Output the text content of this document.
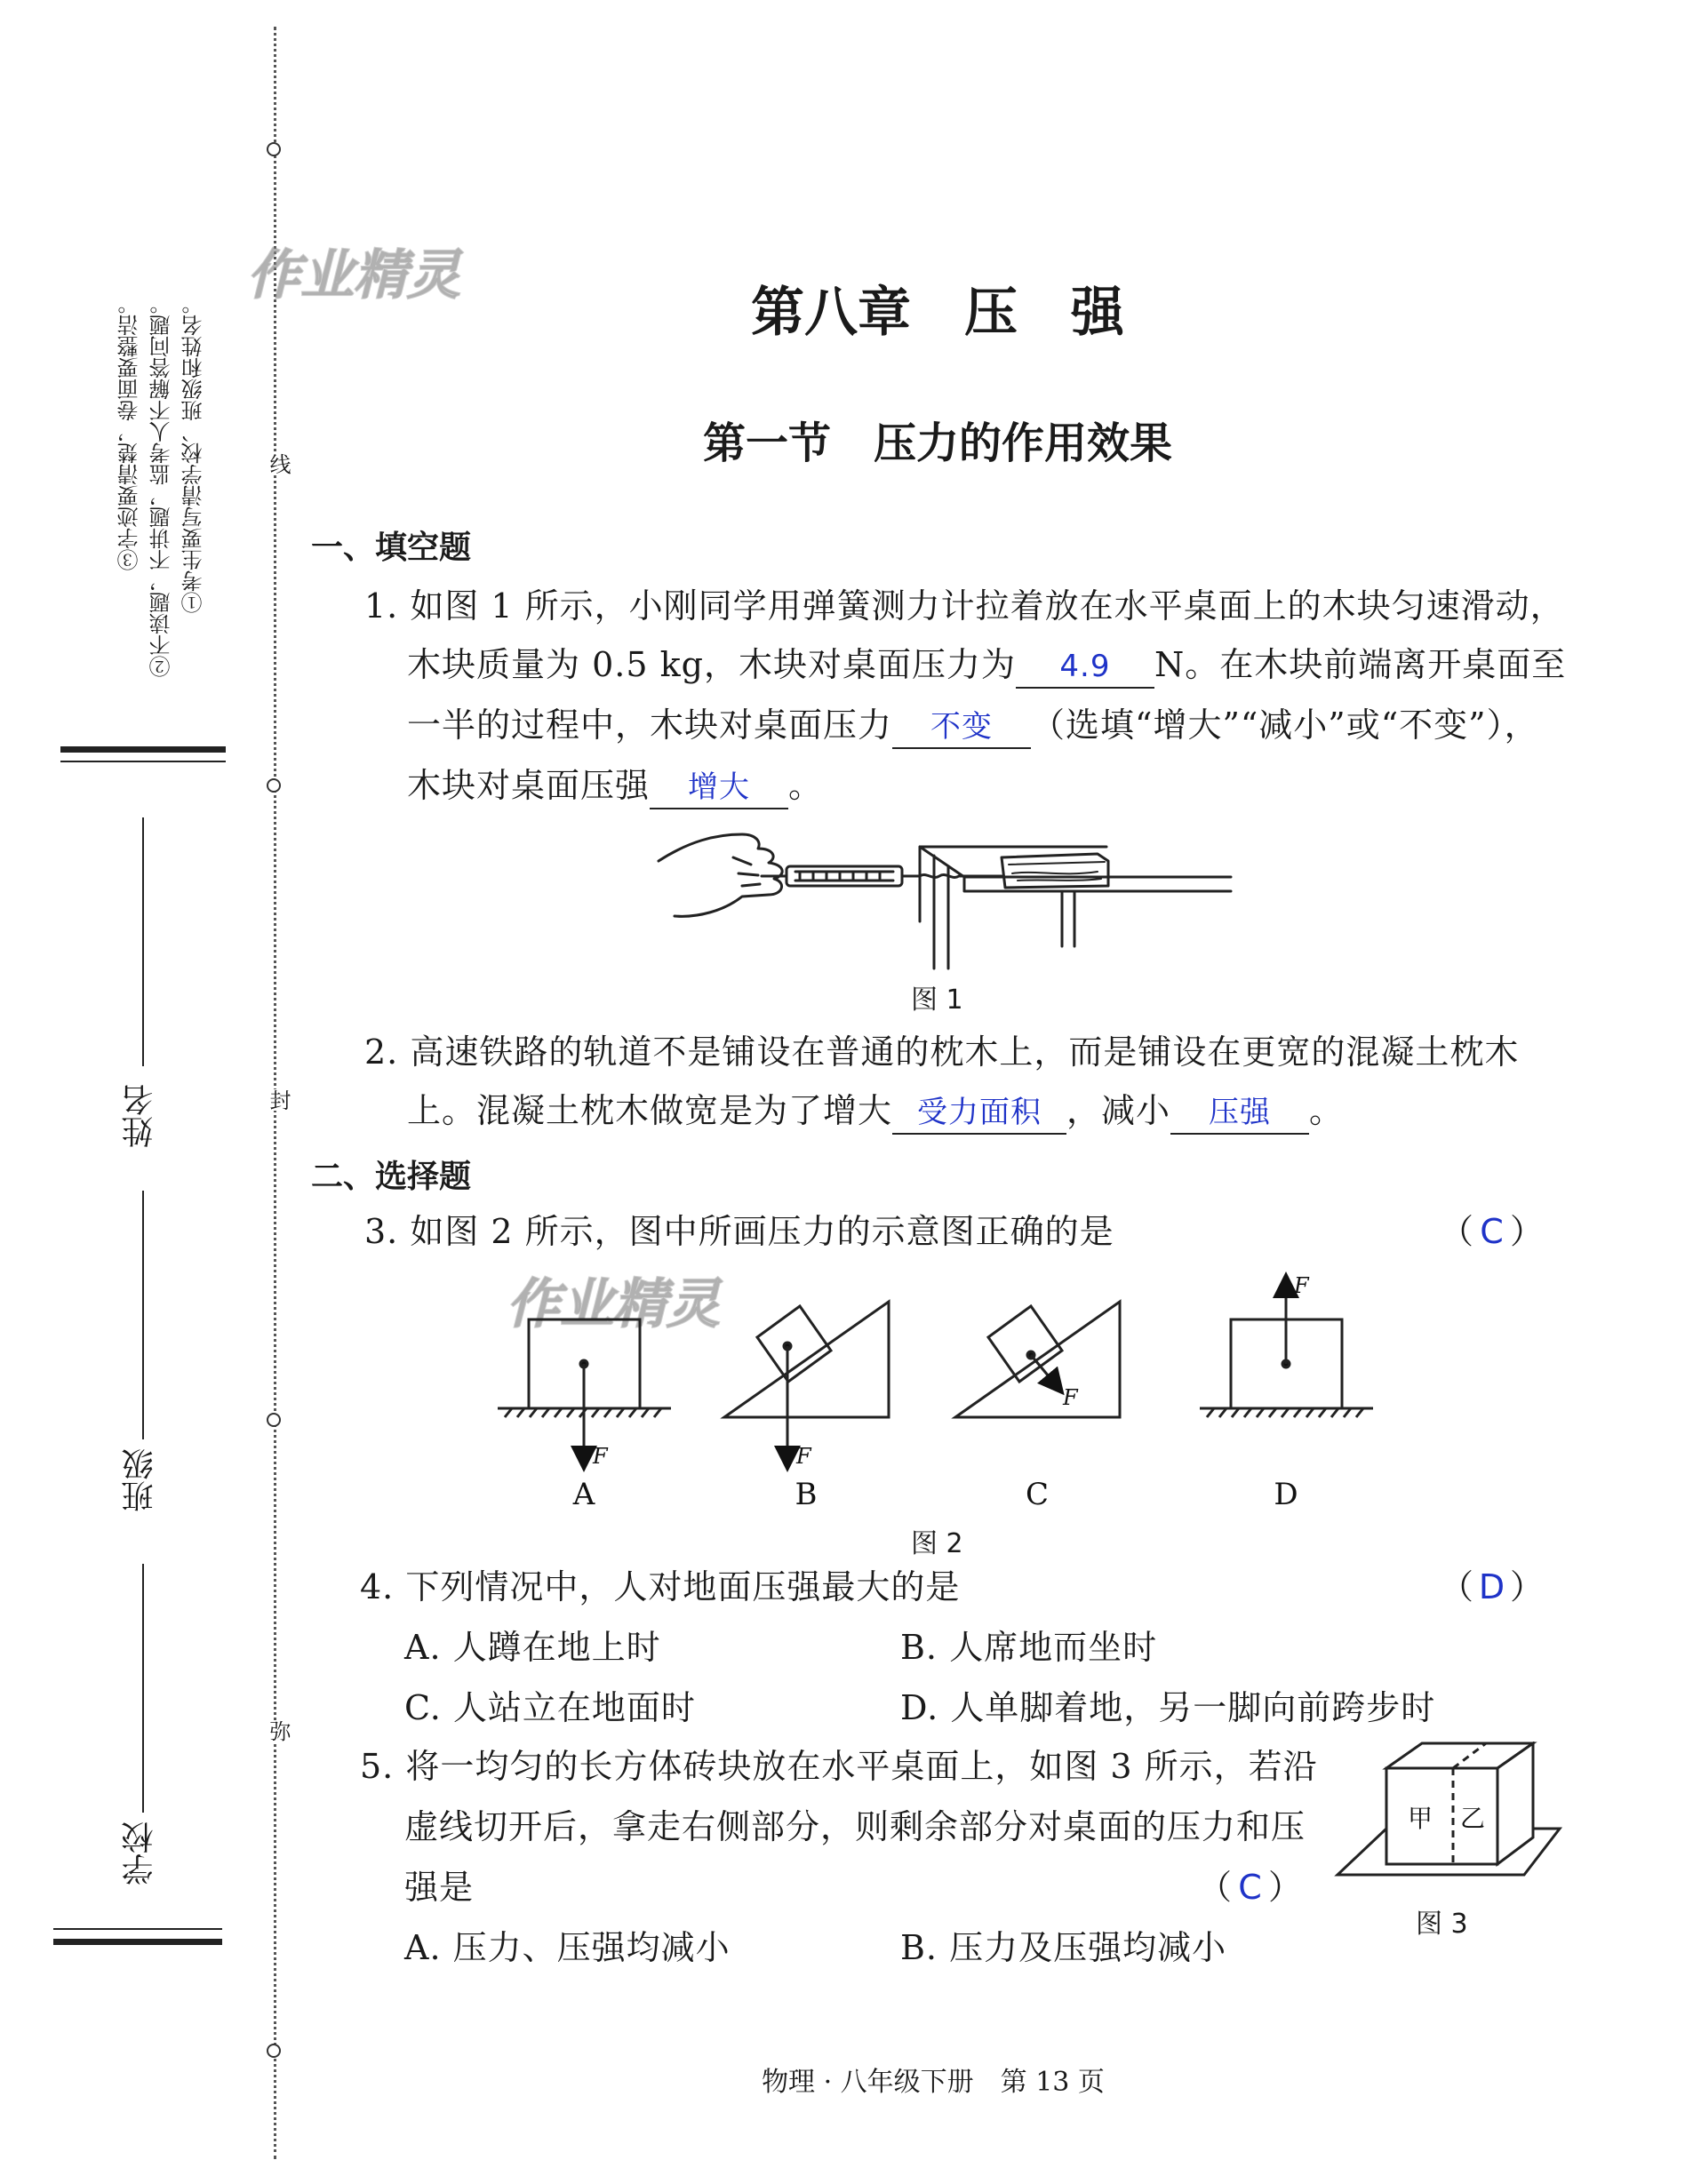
线
封
弥
①考生要写清学校、班级和姓名。
②不读题，不讲题，监考人不解答问题。
③字迹要清楚，卷面要整洁。
姓名
班级
学校
作业精灵
作业精灵
第八章　压　强
第一节　压力的作用效果
一、填空题
1. 如图 1 所示，小刚同学用弹簧测力计拉着放在水平桌面上的木块匀速滑动，
木块质量为 0.5 kg，木块对桌面压力为 4.9 N。在木块前端离开桌面至
一半的过程中，木块对桌面压力 不变 （选填“增大”“减小”或“不变”），
木块对桌面压强 增大 。
图 1
2. 高速铁路的轨道不是铺设在普通的枕木上，而是铺设在更宽的混凝土枕木
上。混凝土枕木做宽是为了增大 受力面积 ，减小 压强 。
二、选择题
3. 如图 2 所示，图中所画压力的示意图正确的是	（ C ）
F	F
F
F
A	B	C	D
图 2
4. 下列情况中，人对地面压强最大的是	（ D ）
A. 人蹲在地上时	B. 人席地而坐时
C. 人站立在地面时	D. 人单脚着地，另一脚向前跨步时
5. 将一均匀的长方体砖块放在水平桌面上，如图 3 所示，若沿
虚线切开后，拿走右侧部分，则剩余部分对桌面的压力和压
强是	（ C ）
A. 压力、压强均减小	B. 压力及压强均减小
甲 乙
图 3
物理 · 八年级下册　第 13 页
